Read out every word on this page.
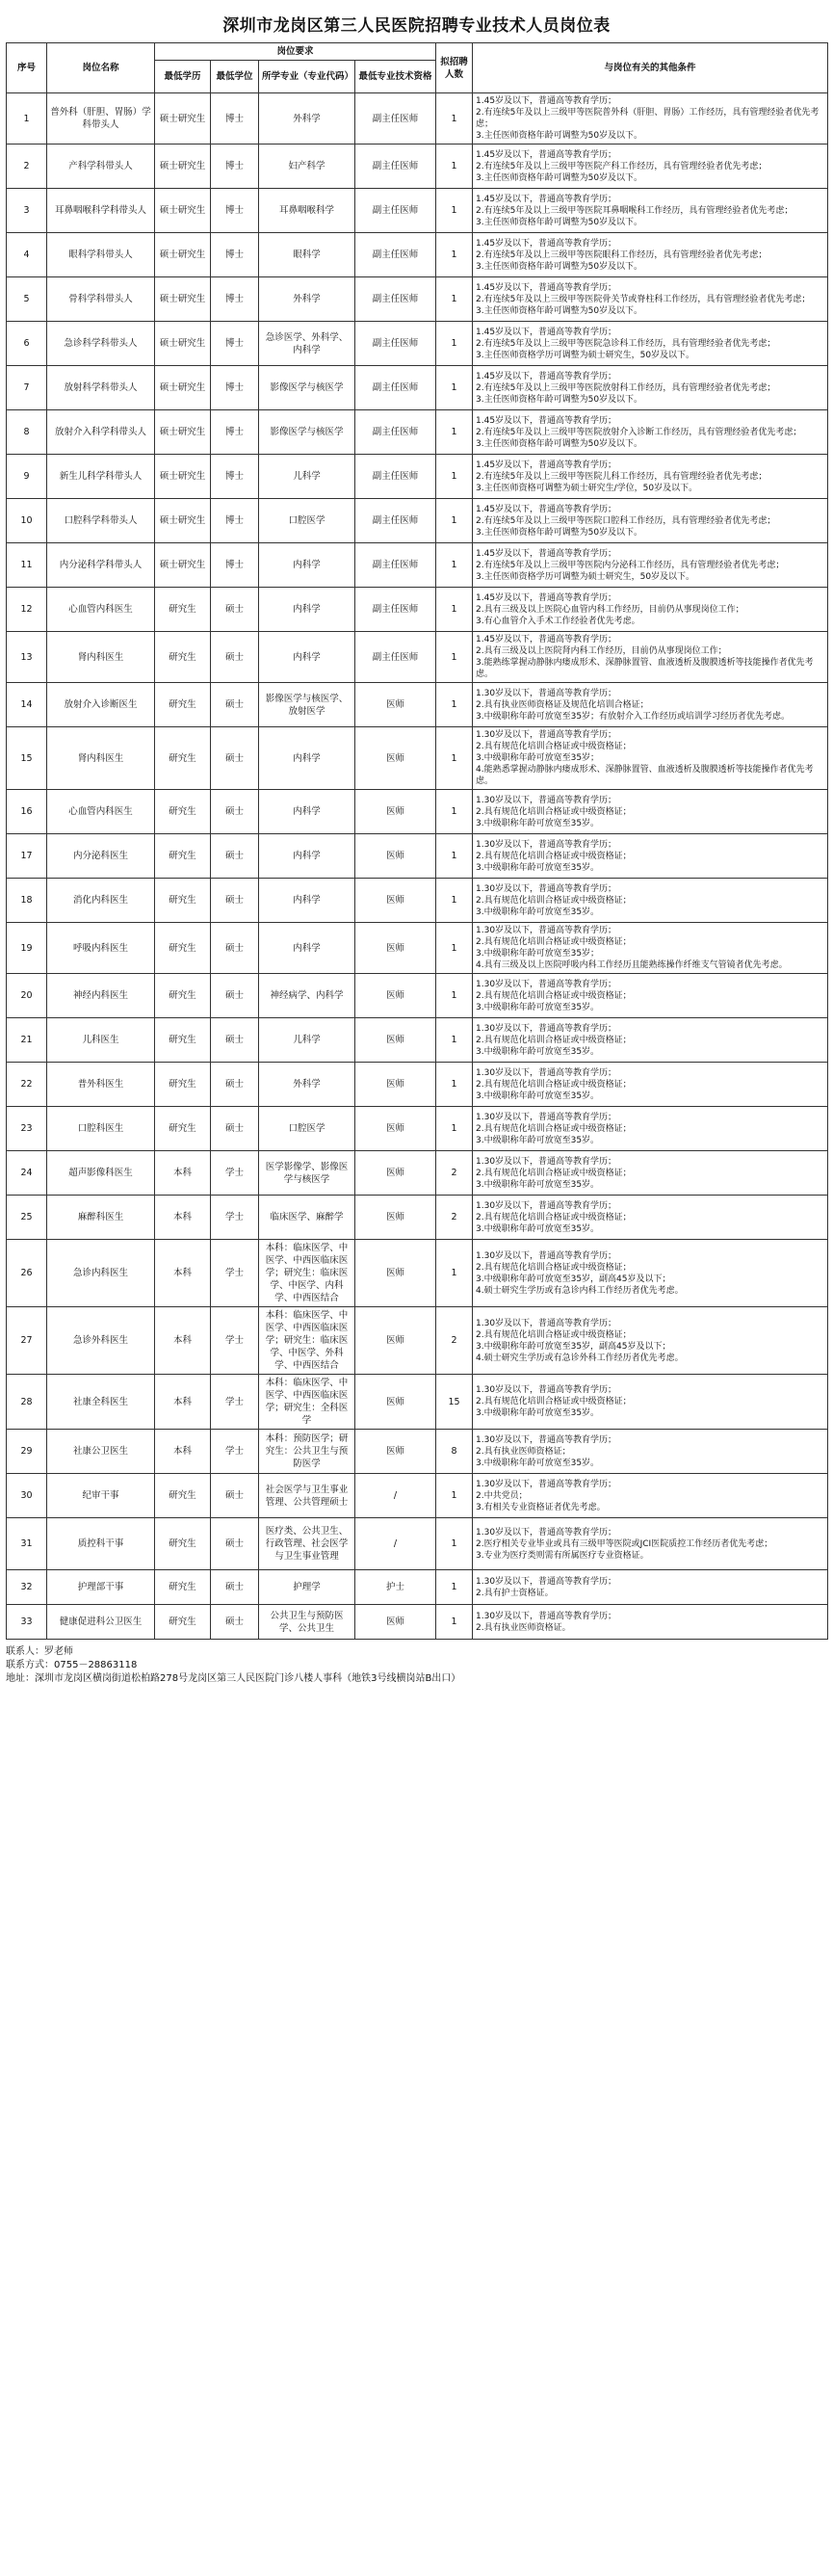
深圳市龙岗区第三人民医院招聘专业技术人员岗位表
序号	岗位名称	岗位要求				拟招聘人数	与岗位有关的其他条件
		最低学历	最低学位	所学专业（专业代码）	最低专业技术资格		
1	普外科（肝胆、胃肠）学科带头人	硕士研究生	博士	外科学	副主任医师	1	1.45岁及以下，普通高等教育学历；
2.有连续5年及以上三级甲等医院普外科（肝胆、胃肠）工作经历，具有管理经验者优先考虑；
3.主任医师资格年龄可调整为50岁及以下。
2	产科学科带头人	硕士研究生	博士	妇产科学	副主任医师	1	1.45岁及以下，普通高等教育学历；
2.有连续5年及以上三级甲等医院产科工作经历，具有管理经验者优先考虑；
3.主任医师资格年龄可调整为50岁及以下。
3	耳鼻咽喉科学科带头人	硕士研究生	博士	耳鼻咽喉科学	副主任医师	1	1.45岁及以下，普通高等教育学历；
2.有连续5年及以上三级甲等医院耳鼻咽喉科工作经历，具有管理经验者优先考虑；
3.主任医师资格年龄可调整为50岁及以下。
4	眼科学科带头人	硕士研究生	博士	眼科学	副主任医师	1	1.45岁及以下，普通高等教育学历；
2.有连续5年及以上三级甲等医院眼科工作经历，具有管理经验者优先考虑；
3.主任医师资格年龄可调整为50岁及以下。
5	骨科学科带头人	硕士研究生	博士	外科学	副主任医师	1	1.45岁及以下，普通高等教育学历；
2.有连续5年及以上三级甲等医院骨关节或脊柱科工作经历，具有管理经验者优先考虑；
3.主任医师资格年龄可调整为50岁及以下。
6	急诊科学科带头人	硕士研究生	博士	急诊医学、外科学、内科学	副主任医师	1	1.45岁及以下，普通高等教育学历；
2.有连续5年及以上三级甲等医院急诊科工作经历，具有管理经验者优先考虑；
3.主任医师资格学历可调整为硕士研究生，50岁及以下。
7	放射科学科带头人	硕士研究生	博士	影像医学与核医学	副主任医师	1	1.45岁及以下，普通高等教育学历；
2.有连续5年及以上三级甲等医院放射科工作经历，具有管理经验者优先考虑；
3.主任医师资格年龄可调整为50岁及以下。
8	放射介入科学科带头人	硕士研究生	博士	影像医学与核医学	副主任医师	1	1.45岁及以下，普通高等教育学历；
2.有连续5年及以上三级甲等医院放射介入诊断工作经历，具有管理经验者优先考虑；
3.主任医师资格年龄可调整为50岁及以下。
9	新生儿科学科带头人	硕士研究生	博士	儿科学	副主任医师	1	1.45岁及以下，普通高等教育学历；
2.有连续5年及以上三级甲等医院儿科工作经历，具有管理经验者优先考虑；
3.主任医师资格可调整为硕士研究生/学位，50岁及以下。
10	口腔科学科带头人	硕士研究生	博士	口腔医学	副主任医师	1	1.45岁及以下，普通高等教育学历；
2.有连续5年及以上三级甲等医院口腔科工作经历，具有管理经验者优先考虑；
3.主任医师资格年龄可调整为50岁及以下。
11	内分泌科学科带头人	硕士研究生	博士	内科学	副主任医师	1	1.45岁及以下，普通高等教育学历；
2.有连续5年及以上三级甲等医院内分泌科工作经历，具有管理经验者优先考虑；
3.主任医师资格学历可调整为硕士研究生，50岁及以下。
12	心血管内科医生	研究生	硕士	内科学	副主任医师	1	1.45岁及以下，普通高等教育学历；
2.具有三级及以上医院心血管内科工作经历，目前仍从事现岗位工作；
3.有心血管介入手术工作经验者优先考虑。
13	肾内科医生	研究生	硕士	内科学	副主任医师	1	1.45岁及以下，普通高等教育学历；
2.具有三级及以上医院肾内科工作经历，目前仍从事现岗位工作；
3.能熟练掌握动静脉内瘘成形术、深静脉置管、血液透析及腹膜透析等技能操作者优先考虑。
14	放射介入诊断医生	研究生	硕士	影像医学与核医学、放射医学	医师	1	1.30岁及以下，普通高等教育学历；
2.具有执业医师资格证及规范化培训合格证；
3.中级职称年龄可放宽至35岁；有放射介入工作经历或培训学习经历者优先考虑。
15	肾内科医生	研究生	硕士	内科学	医师	1	1.30岁及以下，普通高等教育学历；
2.具有规范化培训合格证或中级资格证；
3.中级职称年龄可放宽至35岁；
4.能熟悉掌握动静脉内瘘成形术、深静脉置管、血液透析及腹膜透析等技能操作者优先考虑。
16	心血管内科医生	研究生	硕士	内科学	医师	1	1.30岁及以下，普通高等教育学历；
2.具有规范化培训合格证或中级资格证；
3.中级职称年龄可放宽至35岁。
17	内分泌科医生	研究生	硕士	内科学	医师	1	1.30岁及以下，普通高等教育学历；
2.具有规范化培训合格证或中级资格证；
3.中级职称年龄可放宽至35岁。
18	消化内科医生	研究生	硕士	内科学	医师	1	1.30岁及以下，普通高等教育学历；
2.具有规范化培训合格证或中级资格证；
3.中级职称年龄可放宽至35岁。
19	呼吸内科医生	研究生	硕士	内科学	医师	1	1.30岁及以下，普通高等教育学历；
2.具有规范化培训合格证或中级资格证；
3.中级职称年龄可放宽至35岁；
4.具有三级及以上医院呼吸内科工作经历且能熟练操作纤维支气管镜者优先考虑。
20	神经内科医生	研究生	硕士	神经病学、内科学	医师	1	1.30岁及以下，普通高等教育学历；
2.具有规范化培训合格证或中级资格证；
3.中级职称年龄可放宽至35岁。
21	儿科医生	研究生	硕士	儿科学	医师	1	1.30岁及以下，普通高等教育学历；
2.具有规范化培训合格证或中级资格证；
3.中级职称年龄可放宽至35岁。
22	普外科医生	研究生	硕士	外科学	医师	1	1.30岁及以下，普通高等教育学历；
2.具有规范化培训合格证或中级资格证；
3.中级职称年龄可放宽至35岁。
23	口腔科医生	研究生	硕士	口腔医学	医师	1	1.30岁及以下，普通高等教育学历；
2.具有规范化培训合格证或中级资格证；
3.中级职称年龄可放宽至35岁。
24	超声影像科医生	本科	学士	医学影像学、影像医学与核医学	医师	2	1.30岁及以下，普通高等教育学历；
2.具有规范化培训合格证或中级资格证；
3.中级职称年龄可放宽至35岁。
25	麻醉科医生	本科	学士	临床医学、麻醉学	医师	2	1.30岁及以下，普通高等教育学历；
2.具有规范化培训合格证或中级资格证；
3.中级职称年龄可放宽至35岁。
26	急诊内科医生	本科	学士	本科：临床医学、中医学、中西医临床医学；研究生：临床医学、中医学、内科学、中西医结合	医师	1	1.30岁及以下，普通高等教育学历；
2.具有规范化培训合格证或中级资格证；
3.中级职称年龄可放宽至35岁，副高45岁及以下；
4.硕士研究生学历或有急诊内科工作经历者优先考虑。
27	急诊外科医生	本科	学士	本科：临床医学、中医学、中西医临床医学；研究生：临床医学、中医学、外科学、中西医结合	医师	2	1.30岁及以下，普通高等教育学历；
2.具有规范化培训合格证或中级资格证；
3.中级职称年龄可放宽至35岁，副高45岁及以下；
4.硕士研究生学历或有急诊外科工作经历者优先考虑。
28	社康全科医生	本科	学士	本科：临床医学、中医学、中西医临床医学；研究生：全科医学	医师	15	1.30岁及以下，普通高等教育学历；
2.具有规范化培训合格证或中级资格证；
3.中级职称年龄可放宽至35岁。
29	社康公卫医生	本科	学士	本科：预防医学；研究生：公共卫生与预防医学	医师	8	1.30岁及以下，普通高等教育学历；
2.具有执业医师资格证；
3.中级职称年龄可放宽至35岁。
30	纪审干事	研究生	硕士	社会医学与卫生事业管理、公共管理硕士	/	1	1.30岁及以下，普通高等教育学历；
2.中共党员；
3.有相关专业资格证者优先考虑。
31	质控科干事	研究生	硕士	医疗类、公共卫生、行政管理、社会医学与卫生事业管理	/	1	1.30岁及以下，普通高等教育学历；
2.医疗相关专业毕业或具有三级甲等医院或JCI医院质控工作经历者优先考虑；
3.专业为医疗类则需有所属医疗专业资格证。
32	护理部干事	研究生	硕士	护理学	护士	1	1.30岁及以下，普通高等教育学历；
2.具有护士资格证。
33	健康促进科公卫医生	研究生	硕士	公共卫生与预防医学、公共卫生	医师	1	1.30岁及以下，普通高等教育学历；
2.具有执业医师资格证。
联系人：罗老师
联系方式：0755－28863118
地址：深圳市龙岗区横岗街道松柏路278号龙岗区第三人民医院门诊八楼人事科（地铁3号线横岗站B出口）
